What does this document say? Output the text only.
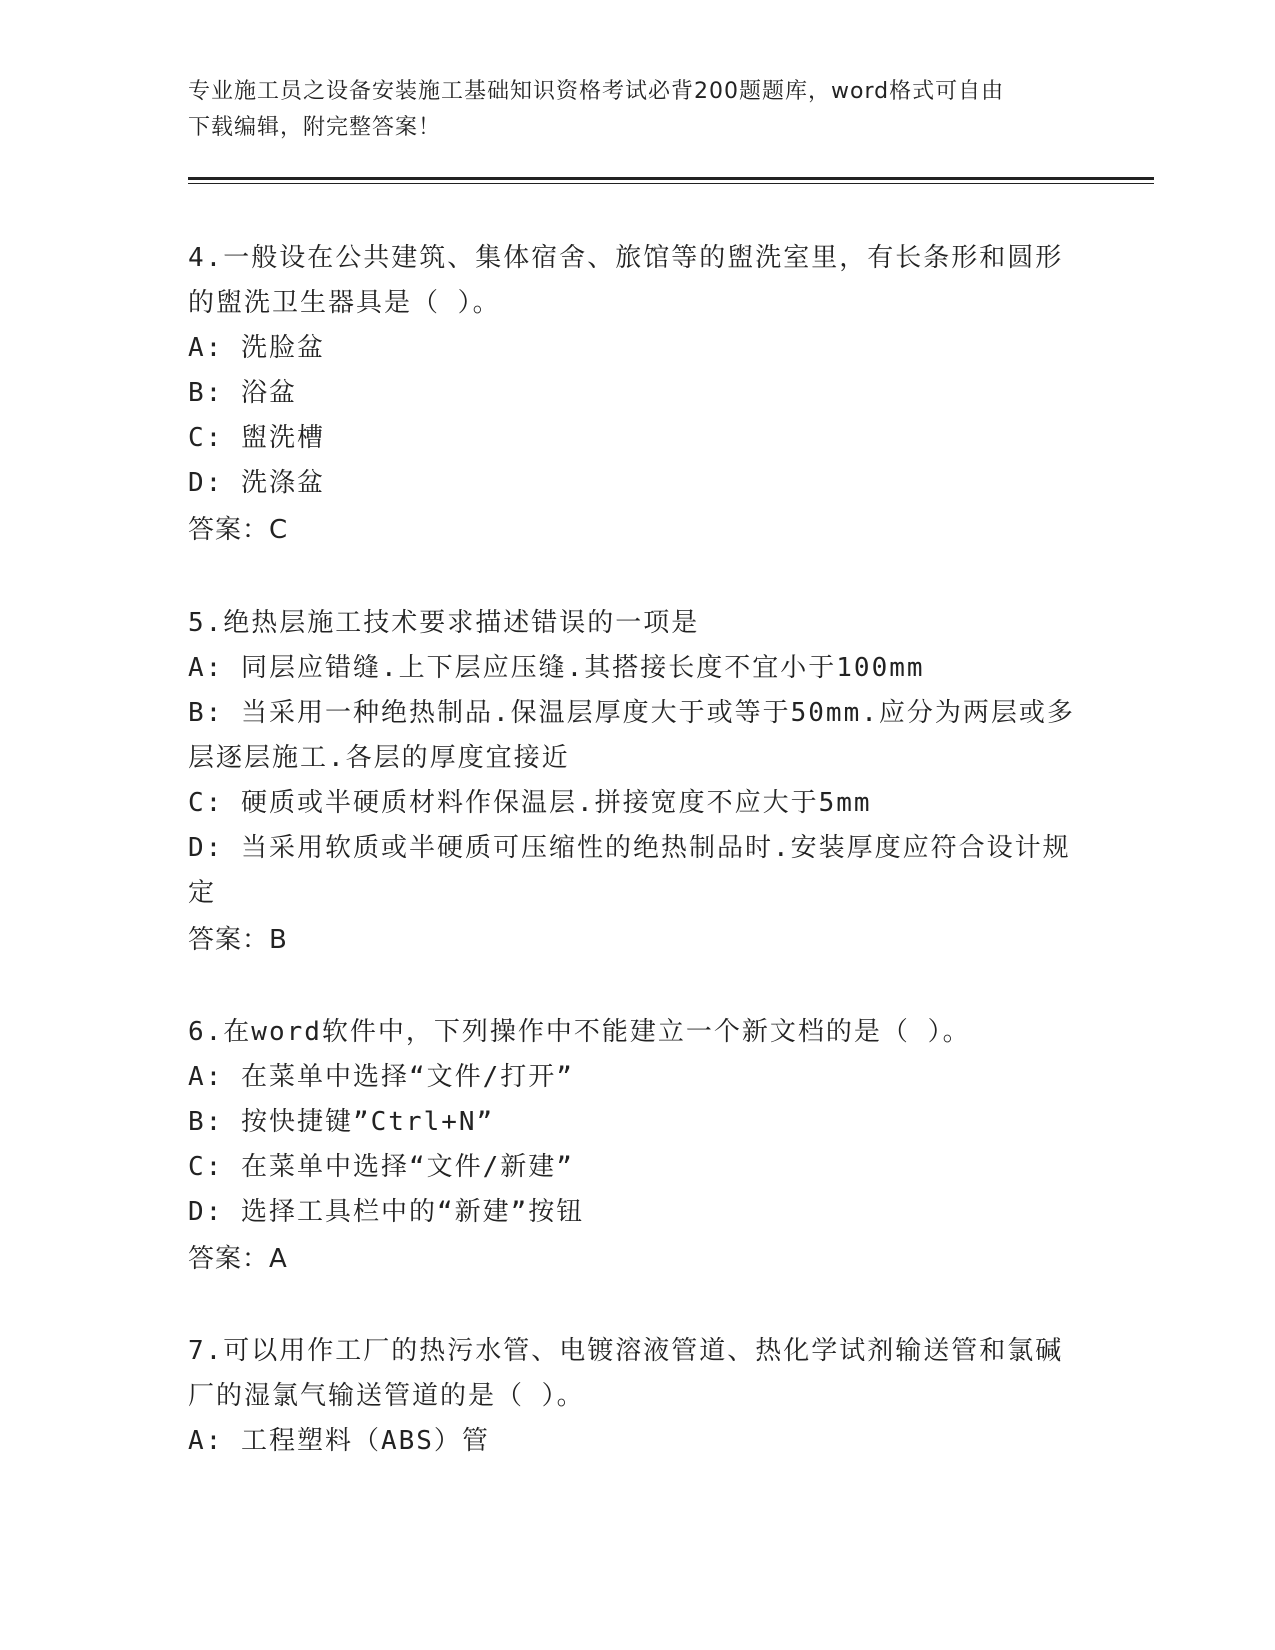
专业施工员之设备安装施工基础知识资格考试必背200题题库，word格式可自由
下载编辑，附完整答案！

4.一般设在公共建筑、集体宿舍、旅馆等的盥洗室里，有长条形和圆形的盥洗卫生器具是（ ）。

A: 洗脸盆
B: 浴盆
C: 盥洗槽
D: 洗涤盆
答案：C

5.绝热层施工技术要求描述错误的一项是

A: 同层应错缝.上下层应压缝.其搭接长度不宜小于100mm
B: 当采用一种绝热制品.保温层厚度大于或等于50mm.应分为两层或多层逐层施工.各层的厚度宜接近
C: 硬质或半硬质材料作保温层.拼接宽度不应大于5mm
D: 当采用软质或半硬质可压缩性的绝热制品时.安装厚度应符合设计规定
答案：B

6.在word软件中，下列操作中不能建立一个新文档的是（ ）。

A: 在菜单中选择“文件/打开”
B: 按快捷键”Ctrl+N”
C: 在菜单中选择“文件/新建”
D: 选择工具栏中的“新建”按钮
答案：A

7.可以用作工厂的热污水管、电镀溶液管道、热化学试剂输送管和氯碱厂的湿氯气输送管道的是（ ）。

A: 工程塑料（ABS）管
